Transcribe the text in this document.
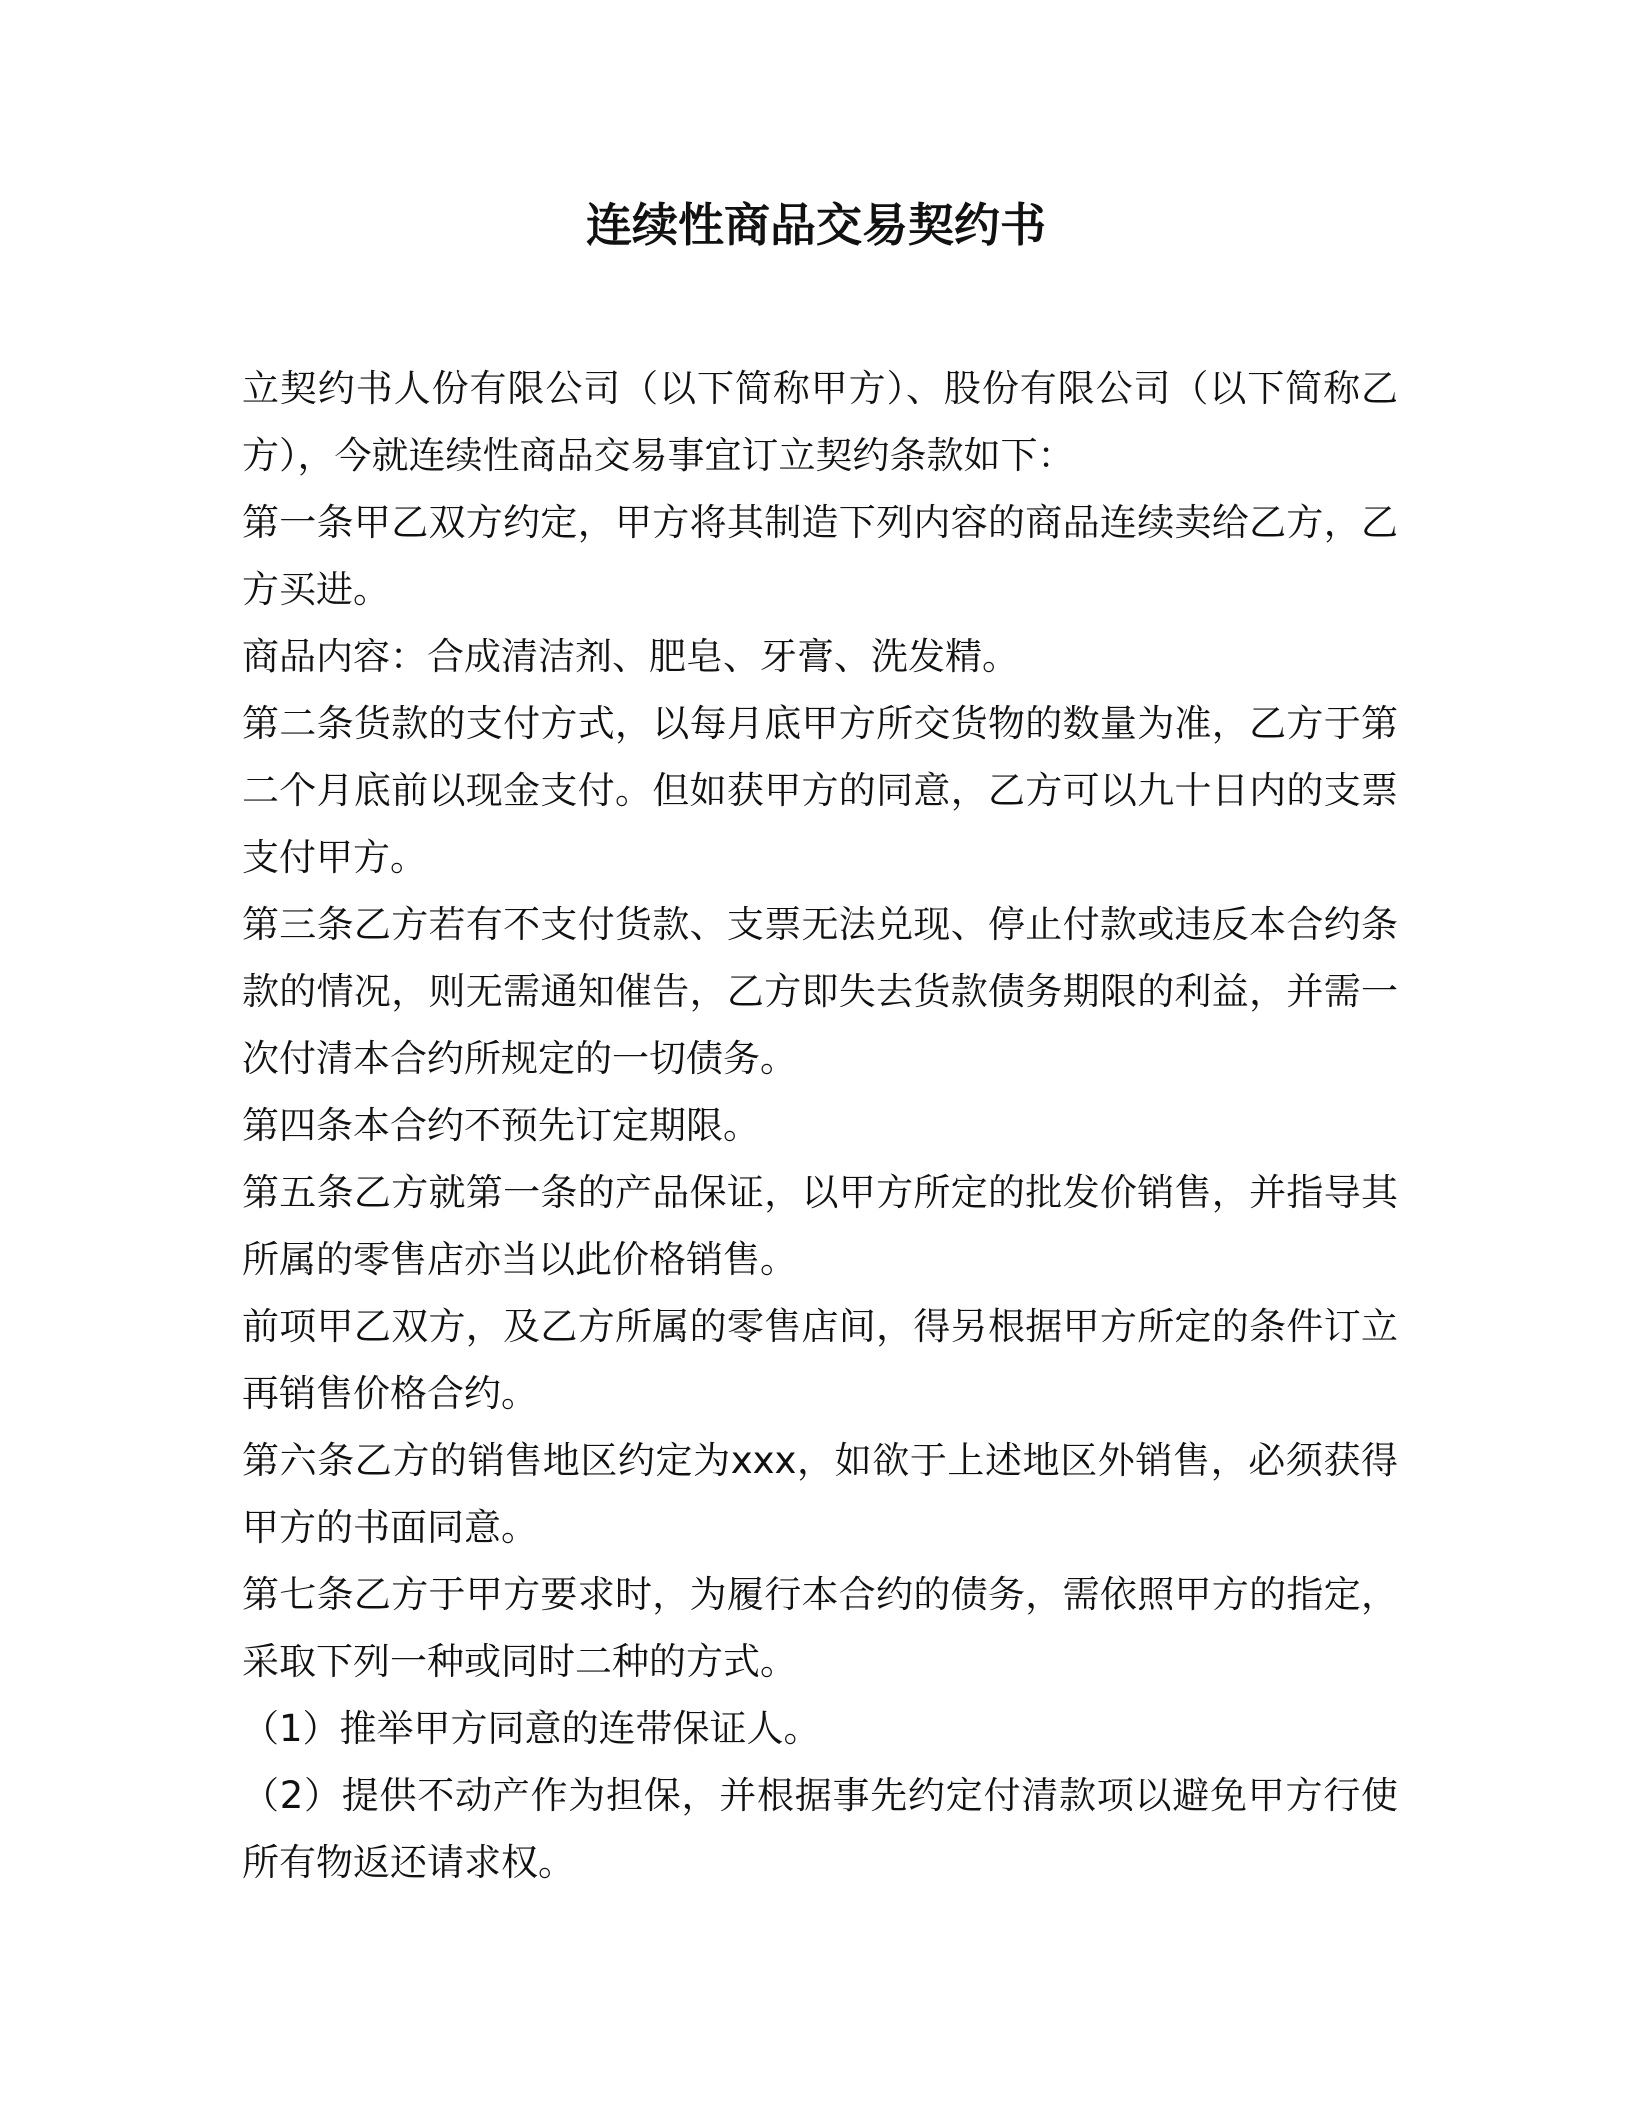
连续性商品交易契约书

立契约书人份有限公司（以下简称甲方）、股份有限公司（以下简称乙方），今就连续性商品交易事宜订立契约条款如下：

第一条甲乙双方约定，甲方将其制造下列内容的商品连续卖给乙方，乙方买进。

商品内容：合成清洁剂、肥皂、牙膏、洗发精。

第二条货款的支付方式，以每月底甲方所交货物的数量为准，乙方于第二个月底前以现金支付。但如获甲方的同意，乙方可以九十日内的支票支付甲方。

第三条乙方若有不支付货款、支票无法兑现、停止付款或违反本合约条款的情况，则无需通知催告，乙方即失去货款债务期限的利益，并需一次付清本合约所规定的一切债务。

第四条本合约不预先订定期限。

第五条乙方就第一条的产品保证，以甲方所定的批发价销售，并指导其所属的零售店亦当以此价格销售。

前项甲乙双方，及乙方所属的零售店间，得另根据甲方所定的条件订立再销售价格合约。

第六条乙方的销售地区约定为xxx，如欲于上述地区外销售，必须获得甲方的书面同意。

第七条乙方于甲方要求时，为履行本合约的债务，需依照甲方的指定，采取下列一种或同时二种的方式。

（1）推举甲方同意的连带保证人。

（2）提供不动产作为担保，并根据事先约定付清款项以避免甲方行使所有物返还请求权。
